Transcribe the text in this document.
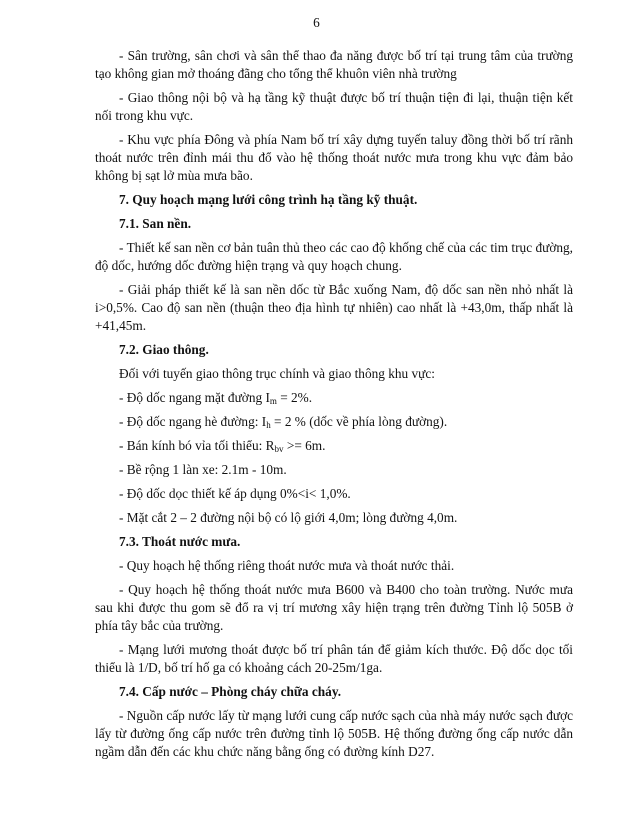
6

- Sân trường, sân chơi và sân thể thao đa năng được bố trí tại trung tâm của trường tạo không gian mở thoáng đãng cho tổng thể khuôn viên nhà trường

- Giao thông nội bộ và hạ tầng kỹ thuật được bố trí thuận tiện đi lại, thuận tiện kết nối trong khu vực.

- Khu vực phía Đông và phía Nam bố trí xây dựng tuyến taluy đồng thời bố trí rãnh thoát nước trên đỉnh mái thu đổ vào hệ thống thoát nước mưa trong khu vực đảm bảo không bị sạt lở mùa mưa bão.

7. Quy hoạch mạng lưới công trình hạ tầng kỹ thuật.
7.1. San nền.

- Thiết kế san nền cơ bản tuân thủ theo các cao độ khống chế của các tim trục đường, độ dốc, hướng dốc đường hiện trạng và quy hoạch chung.

- Giải pháp thiết kế là san nền dốc từ Bắc xuống Nam, độ dốc san nền nhỏ nhất là i>0,5%. Cao độ san nền (thuận theo địa hình tự nhiên) cao nhất là +43,0m, thấp nhất là +41,45m.

7.2. Giao thông.

Đối với tuyến giao thông trục chính và giao thông khu vực:

- Độ dốc ngang mặt đường $I_m = 2\%$.

- Độ dốc ngang hè đường: $I_h = 2$ % (dốc về phía lòng đường).

- Bán kính bó vỉa tối thiểu: $R_{bv} >= 6m$.

- Bề rộng 1 làn xe: 2.1m - 10m.

- Độ dốc dọc thiết kế áp dụng 0%<i< 1,0%.

- Mặt cắt 2 – 2 đường nội bộ có lộ giới 4,0m; lòng đường 4,0m.

7.3. Thoát nước mưa.

- Quy hoạch hệ thống riêng thoát nước mưa và thoát nước thải.

- Quy hoạch hệ thống thoát nước mưa B600 và B400 cho toàn trường. Nước mưa sau khi được thu gom sẽ đổ ra vị trí mương xây hiện trạng trên đường Tỉnh lộ 505B ở phía tây bắc của trường.

- Mạng lưới mương thoát được bố trí phân tán để giảm kích thước. Độ dốc dọc tối thiểu là 1/D, bố trí hố ga có khoảng cách 20-25m/1ga.

7.4. Cấp nước – Phòng cháy chữa cháy.

- Nguồn cấp nước lấy từ mạng lưới cung cấp nước sạch của nhà máy nước sạch được lấy từ đường ống cấp nước trên đường tỉnh lộ 505B. Hệ thống đường ống cấp nước dẫn ngầm dẫn đến các khu chức năng bằng ống có đường kính D27.
